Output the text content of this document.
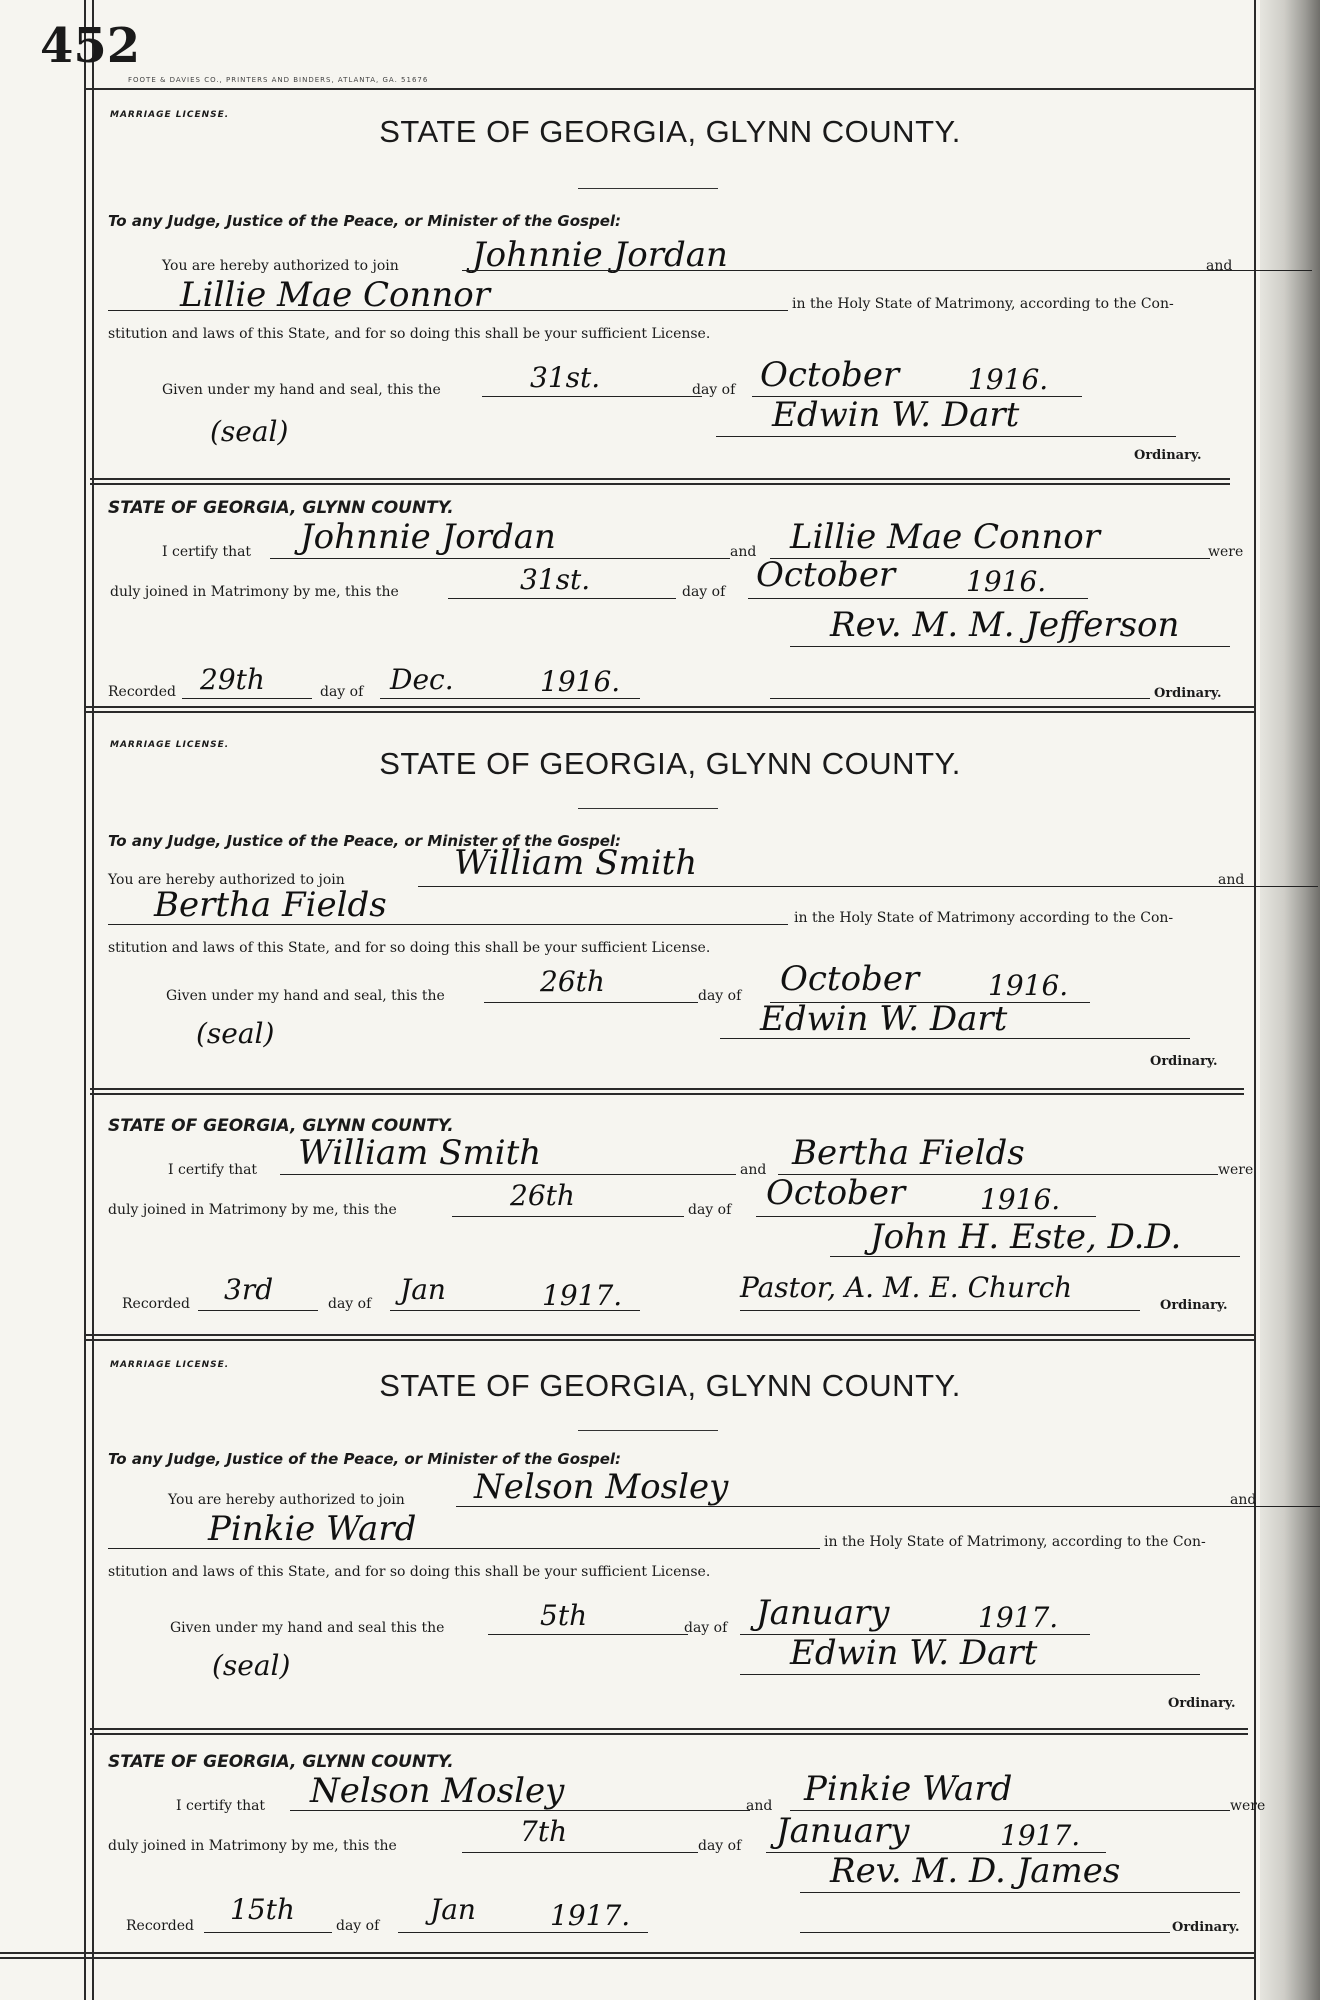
452
FOOTE & DAVIES CO., PRINTERS AND BINDERS, ATLANTA, GA. 51676
MARRIAGE LICENSE.	STATE OF GEORGIA, GLYNN COUNTY.
To any Judge, Justice of the Peace, or Minister of the Gospel:
You are hereby authorized to join Johnnie Jordan	and
Lillie Mae Connor	in the Holy State of Matrimony, according to the Con-
stitution and laws of this State, and for so doing this shall be your sufficient License.
Given under my hand and seal, this the	31st.	day of October 1916.
(seal)	Edwin W. Dart
Ordinary.
STATE OF GEORGIA, GLYNN COUNTY.
I certify that Johnnie Jordan	and Lillie Mae Connor	were
duly joined in Matrimony by me, this the	31st.	day of October	1916.
Rev. M. M. Jefferson
Recorded 29th	day of Dec.	1916.	Ordinary.
MARRIAGE LICENSE.
STATE OF GEORGIA, GLYNN COUNTY.
To any Judge, Justice of the Peace, or Minister of the Gospel:
You are hereby authorized to join	William Smith	and
Bertha Fields	in the Holy State of Matrimony according to the Con-
stitution and laws of this State, and for so doing this shall be your sufficient License.
Given under my hand and seal, this the	26th	day of October 1916.
(seal)	Edwin W. Dart
Ordinary.
STATE OF GEORGIA, GLYNN COUNTY.
I certify that William Smith	and Bertha Fields	were
duly joined in Matrimony by me, this the	26th	day of October	1916.
John H. Este, D.D.
Recorded 3rd	day of Jan	1917.	Pastor, A. M. E. Church
Ordinary.
MARRIAGE LICENSE.
STATE OF GEORGIA, GLYNN COUNTY.
To any Judge, Justice of the Peace, or Minister of the Gospel:
You are hereby authorized to join Nelson Mosley	and
Pinkie Ward	in the Holy State of Matrimony, according to the Con-
stitution and laws of this State, and for so doing this shall be your sufficient License.
Given under my hand and seal this the	5th	day of January	1917.
(seal)	Edwin W. Dart
Ordinary.
STATE OF GEORGIA, GLYNN COUNTY.
I certify that Nelson Mosley	and Pinkie Ward	were
duly joined in Matrimony by me, this the	7th	day of January	1917.
Rev. M. D. James
Recorded 15th	day of Jan	1917.	Ordinary.
